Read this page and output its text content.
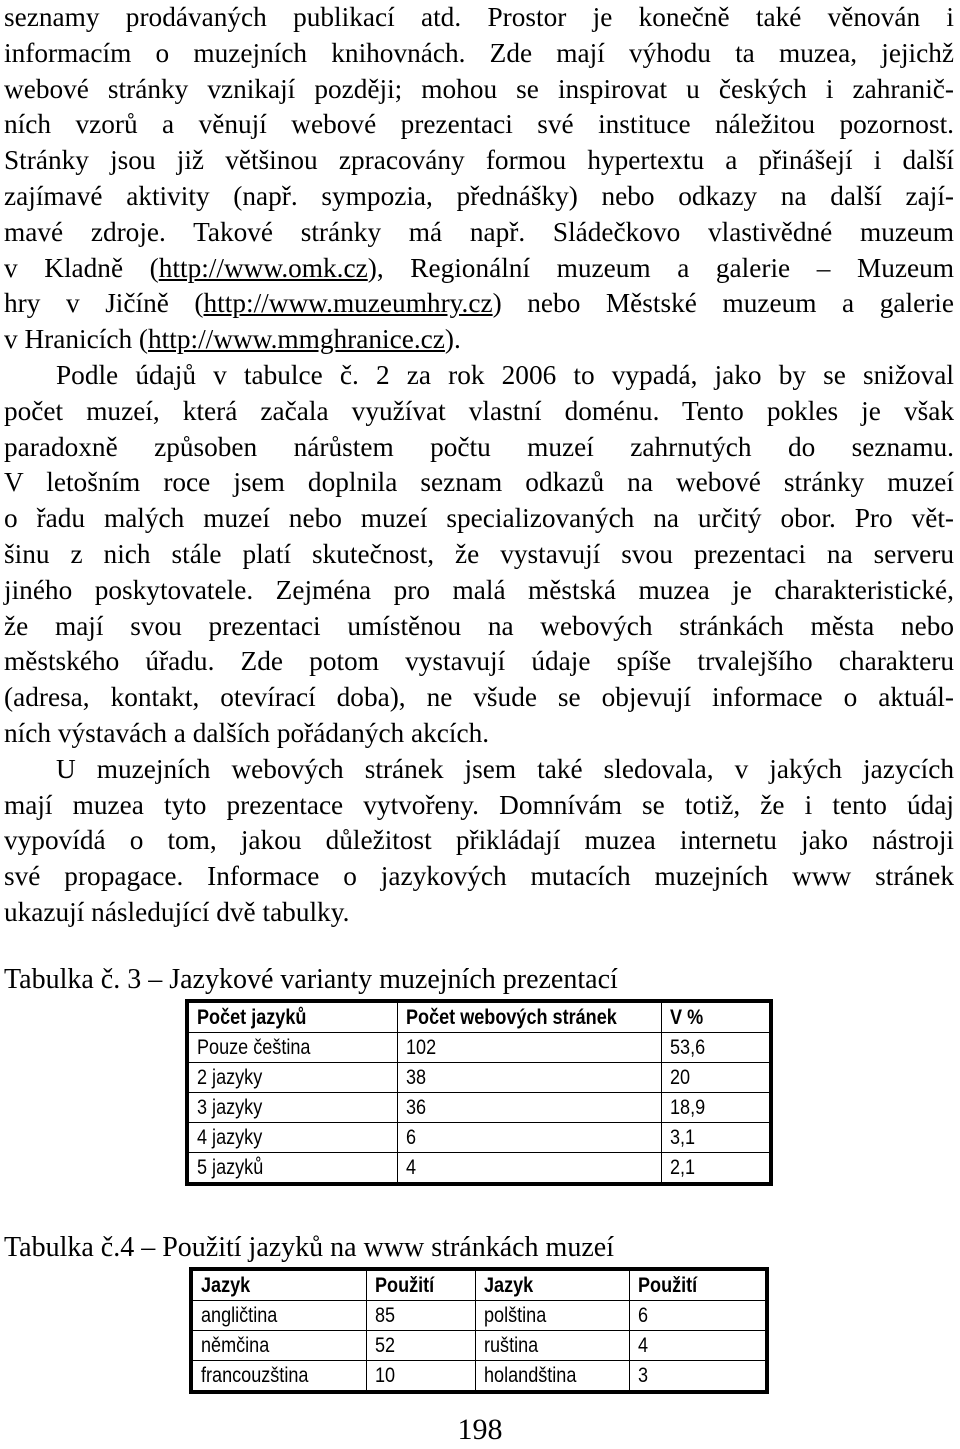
seznamy prodávaných publikací atd. Prostor je konečně také věnován i
informacím o muzejních knihovnách. Zde mají výhodu ta muzea, jejichž
webové stránky vznikají později; mohou se inspirovat u českých i zahranič-
ních vzorů a věnují webové prezentaci své instituce náležitou pozornost.
Stránky jsou již většinou zpracovány formou hypertextu a přinášejí i další
zajímavé aktivity (např. sympozia, přednášky) nebo odkazy na další zají-
mavé zdroje. Takové stránky má např. Sládečkovo vlastivědné muzeum
v Kladně (http://www.omk.cz), Regionální muzeum a galerie – Muzeum
hry v Jičíně (http://www.muzeumhry.cz) nebo Městské muzeum a galerie
v Hranicích (http://www.mmghranice.cz).
Podle údajů v tabulce č. 2 za rok 2006 to vypadá, jako by se snižoval
počet muzeí, která začala využívat vlastní doménu. Tento pokles je však
paradoxně způsoben nárůstem počtu muzeí zahrnutých do seznamu.
V letošním roce jsem doplnila seznam odkazů na webové stránky muzeí
o řadu malých muzeí nebo muzeí specializovaných na určitý obor. Pro vět-
šinu z nich stále platí skutečnost, že vystavují svou prezentaci na serveru
jiného poskytovatele. Zejména pro malá městská muzea je charakteristické,
že mají svou prezentaci umístěnou na webových stránkách města nebo
městského úřadu. Zde potom vystavují údaje spíše trvalejšího charakteru
(adresa, kontakt, otevírací doba), ne všude se objevují informace o aktuál-
ních výstavách a dalších pořádaných akcích.
U muzejních webových stránek jsem také sledovala, v jakých jazycích
mají muzea tyto prezentace vytvořeny. Domnívám se totiž, že i tento údaj
vypovídá o tom, jakou důležitost přikládají muzea internetu jako nástroji
své propagace. Informace o jazykových mutacích muzejních www stránek
ukazují následující dvě tabulky.
Tabulka č. 3 – Jazykové varianty muzejních prezentací
Počet jazyků	Počet webových stránek	V %
Pouze čeština	102	53,6
2 jazyky	38	20
3 jazyky	36	18,9
4 jazyky	6	3,1
5 jazyků	4	2,1
Tabulka č.4 – Použití jazyků na www stránkách muzeí
Jazyk	Použití	Jazyk	Použití
angličtina	85	polština	6
němčina	52	ruština	4
francouzština	10	holandština	3
198
